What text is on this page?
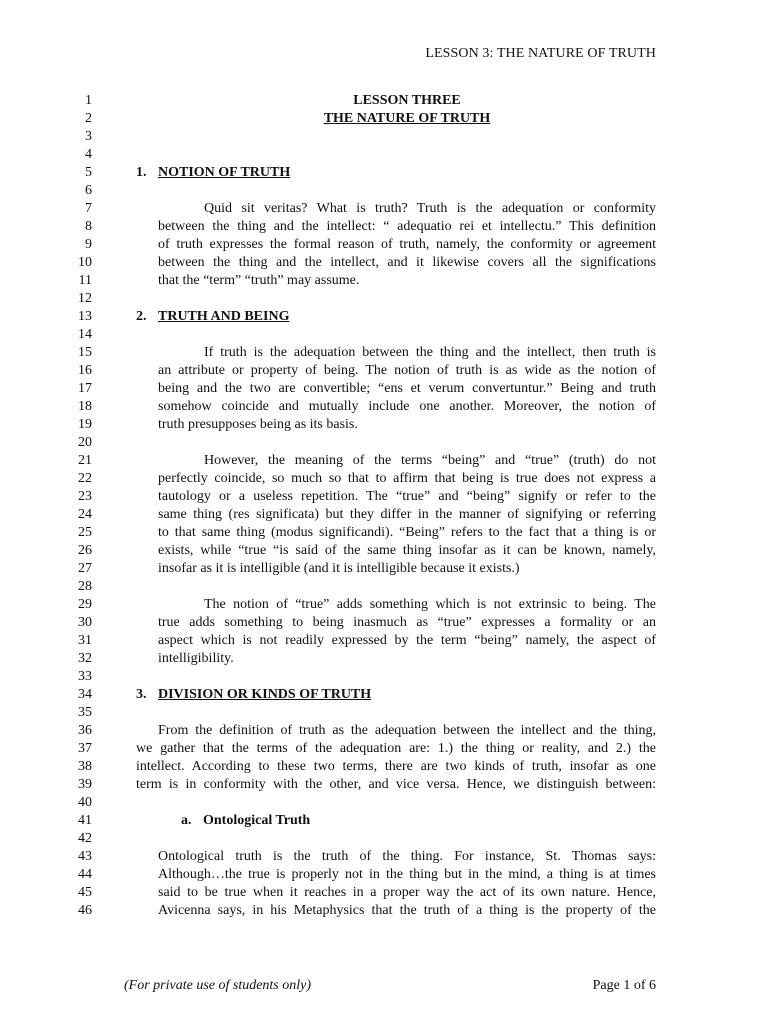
LESSON 3: THE NATURE OF TRUTH
1	LESSON THREE
2	THE NATURE OF TRUTH
3
4
5	1. NOTION OF TRUTH
6
7	Quid sit veritas? What is truth? Truth is the adequation or conformity
8	between the thing and the intellect: “ adequatio rei et intellectu.” This definition
9	of truth expresses the formal reason of truth, namely, the conformity or agreement
10	between the thing and the intellect, and it likewise covers all the significations
11	that the “term” “truth” may assume.
12
13	2. TRUTH AND BEING
14
15	If truth is the adequation between the thing and the intellect, then truth is
16	an attribute or property of being. The notion of truth is as wide as the notion of
17	being and the two are convertible; “ens et verum convertuntur.” Being and truth
18	somehow coincide and mutually include one another. Moreover, the notion of
19	truth presupposes being as its basis.
20
21	However, the meaning of the terms “being” and “true” (truth) do not
22	perfectly coincide, so much so that to affirm that being is true does not express a
23	tautology or a useless repetition. The “true” and “being” signify or refer to the
24	same thing (res significata) but they differ in the manner of signifying or referring
25	to that same thing (modus significandi). “Being” refers to the fact that a thing is or
26	exists, while “true “is said of the same thing insofar as it can be known, namely,
27	insofar as it is intelligible (and it is intelligible because it exists.)
28
29	The notion of “true” adds something which is not extrinsic to being. The
30	true adds something to being inasmuch as “true” expresses a formality or an
31	aspect which is not readily expressed by the term “being” namely, the aspect of
32	intelligibility.
33
34	3. DIVISION OR KINDS OF TRUTH
35
36	From the definition of truth as the adequation between the intellect and the thing,
37	we gather that the terms of the adequation are: 1.) the thing or reality, and 2.) the
38	intellect. According to these two terms, there are two kinds of truth, insofar as one
39	term is in conformity with the other, and vice versa. Hence, we distinguish between:
40
41	a. Ontological Truth
42
43	Ontological truth is the truth of the thing. For instance, St. Thomas says:
44	Although…the true is properly not in the thing but in the mind, a thing is at times
45	said to be true when it reaches in a proper way the act of its own nature. Hence,
46	Avicenna says, in his Metaphysics that the truth of a thing is the property of the
(For private use of students only)	Page 1 of 6
